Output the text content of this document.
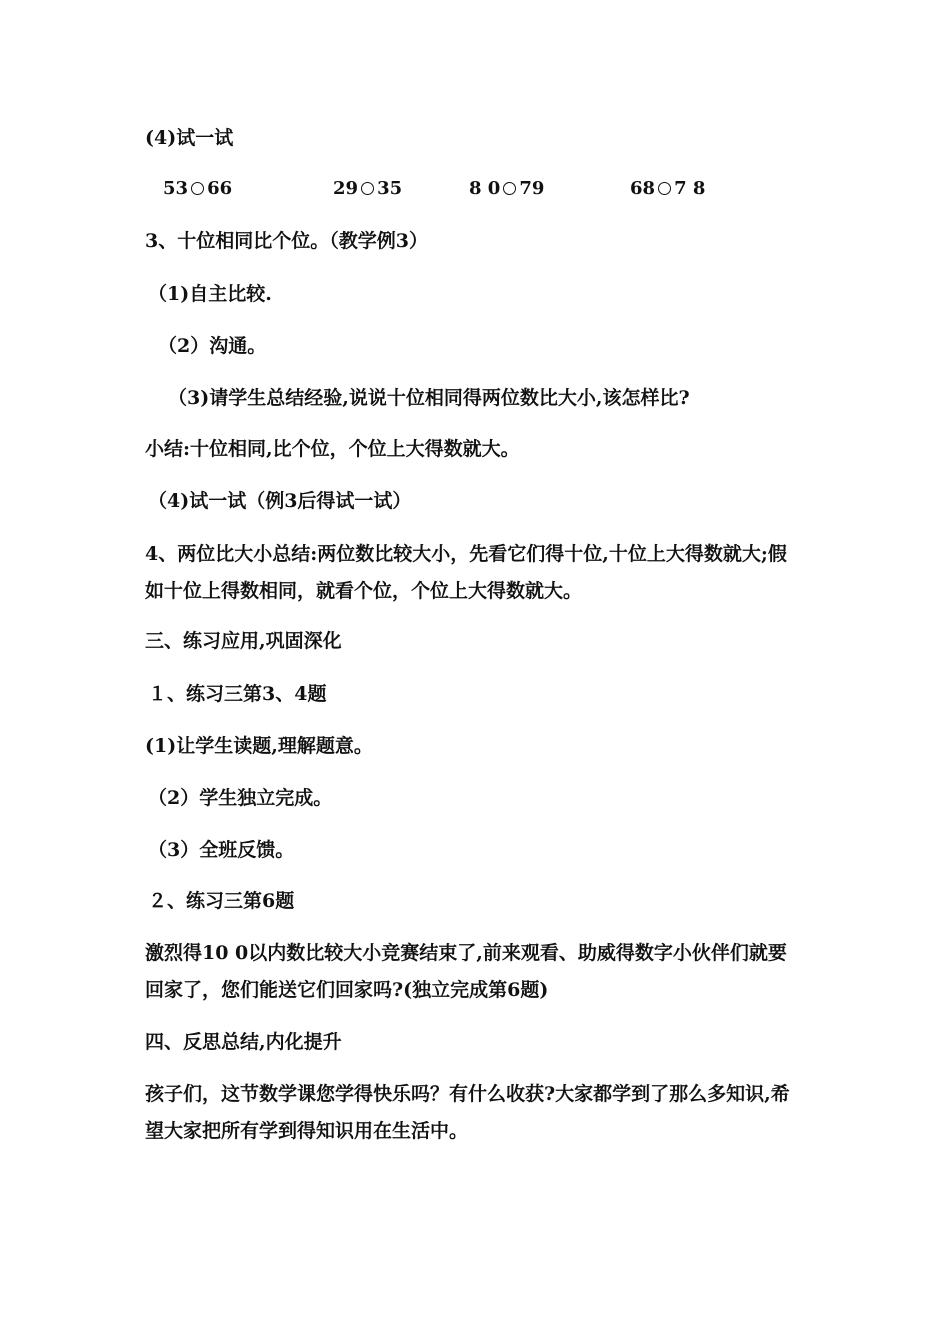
(4)试一试
53 66	29 35	8 0 79	68 7 8
3、十位相同比个位。（教学例3）
（1)自主比较.
（2）沟通。
（3)请学生总结经验,说说十位相同得两位数比大小,该怎样比?
小结:十位相同,比个位，个位上大得数就大。
（4)试一试（例3后得试一试）
4、两位比大小总结:两位数比较大小，先看它们得十位,十位上大得数就大;假
如十位上得数相同，就看个位，个位上大得数就大。
三、练习应用,巩固深化
１、练习三第3、4题
(1)让学生读题,理解题意。
（2）学生独立完成。
（3）全班反馈。
２、练习三第6题
激烈得10 0以内数比较大小竞赛结束了,前来观看、助威得数字小伙伴们就要
回家了，您们能送它们回家吗?(独立完成第6题)
四、反思总结,内化提升
孩子们，这节数学课您学得快乐吗？有什么收获?大家都学到了那么多知识,希
望大家把所有学到得知识用在生活中。
